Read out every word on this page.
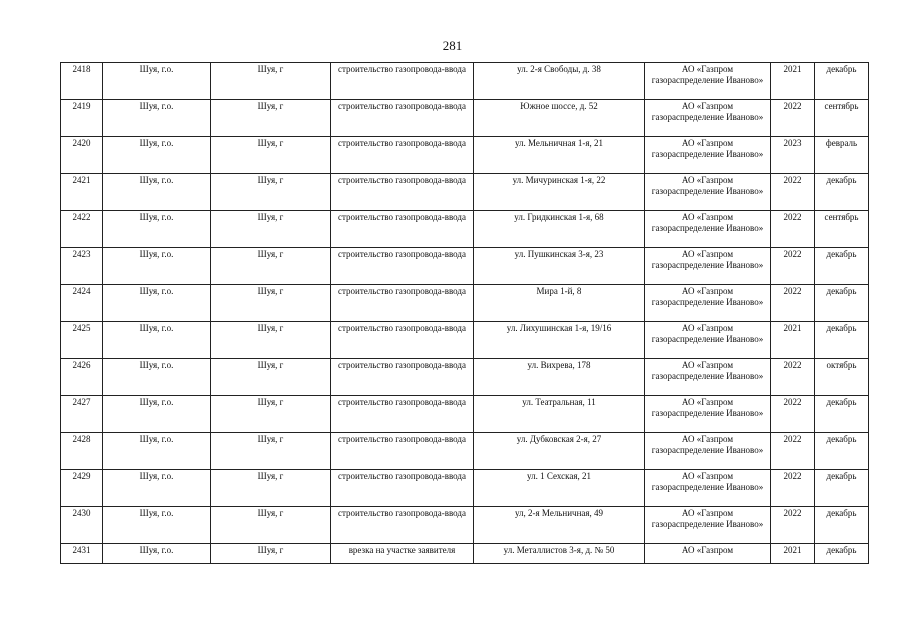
281
2418	Шуя, г.о.	Шуя, г	строительство газопровода-ввода	ул. 2-я Свободы, д. 38	АО «Газпром газораспределение Иваново»	2021	декабрь
2419	Шуя, г.о.	Шуя, г	строительство газопровода-ввода	Южное шоссе, д. 52	АО «Газпром газораспределение Иваново»	2022	сентябрь
2420	Шуя, г.о.	Шуя, г	строительство газопровода-ввода	ул. Мельничная 1-я, 21	АО «Газпром газораспределение Иваново»	2023	февраль
2421	Шуя, г.о.	Шуя, г	строительство газопровода-ввода	ул. Мичуринская 1-я, 22	АО «Газпром газораспределение Иваново»	2022	декабрь
2422	Шуя, г.о.	Шуя, г	строительство газопровода-ввода	ул. Гридкинская 1-я, 68	АО «Газпром газораспределение Иваново»	2022	сентябрь
2423	Шуя, г.о.	Шуя, г	строительство газопровода-ввода	ул. Пушкинская 3-я, 23	АО «Газпром газораспределение Иваново»	2022	декабрь
2424	Шуя, г.о.	Шуя, г	строительство газопровода-ввода	Мира 1-й, 8	АО «Газпром газораспределение Иваново»	2022	декабрь
2425	Шуя, г.о.	Шуя, г	строительство газопровода-ввода	ул. Лихушинская 1-я, 19/16	АО «Газпром газораспределение Иваново»	2021	декабрь
2426	Шуя, г.о.	Шуя, г	строительство газопровода-ввода	ул. Вихрева, 178	АО «Газпром газораспределение Иваново»	2022	октябрь
2427	Шуя, г.о.	Шуя, г	строительство газопровода-ввода	ул. Театральная, 11	АО «Газпром газораспределение Иваново»	2022	декабрь
2428	Шуя, г.о.	Шуя, г	строительство газопровода-ввода	ул. Дубковская 2-я, 27	АО «Газпром газораспределение Иваново»	2022	декабрь
2429	Шуя, г.о.	Шуя, г	строительство газопровода-ввода	ул. 1 Сехская, 21	АО «Газпром газораспределение Иваново»	2022	декабрь
2430	Шуя, г.о.	Шуя, г	строительство газопровода-ввода	ул, 2-я Мельничная, 49	АО «Газпром газораспределение Иваново»	2022	декабрь
2431	Шуя, г.о.	Шуя, г	врезка на участке заявителя	ул. Металлистов 3-я, д. № 50	АО «Газпром	2021	декабрь
